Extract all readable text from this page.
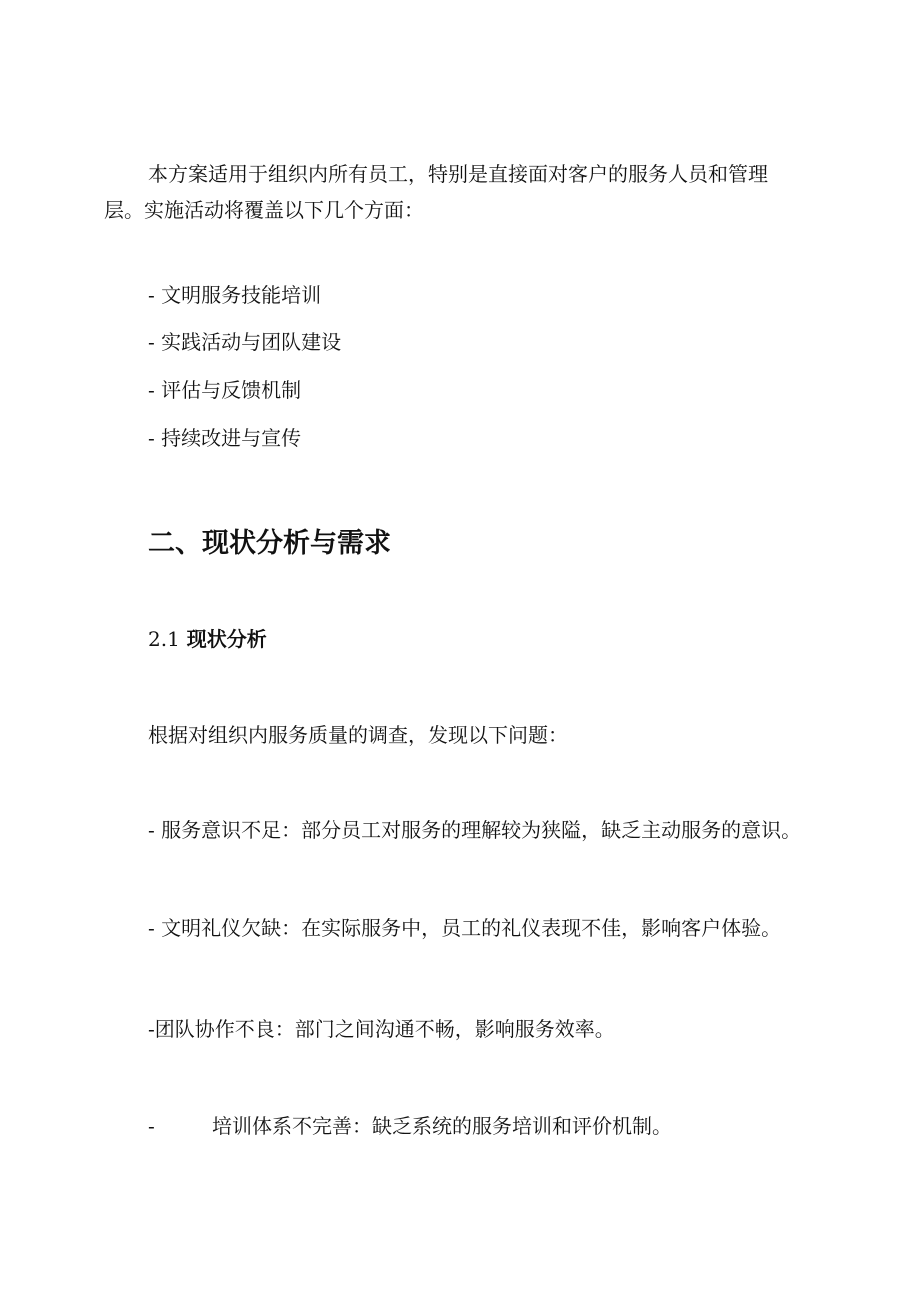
本方案适用于组织内所有员工，特别是直接面对客户的服务人员和管理层。实施活动将覆盖以下几个方面：

- 文明服务技能培训

- 实践活动与团队建设

- 评估与反馈机制

- 持续改进与宣传

二、现状分析与需求
2.1 现状分析

根据对组织内服务质量的调查，发现以下问题：

- 服务意识不足：部分员工对服务的理解较为狭隘，缺乏主动服务的意识。

- 文明礼仪欠缺：在实际服务中，员工的礼仪表现不佳，影响客户体验。

-团队协作不良：部门之间沟通不畅，影响服务效率。

-	培训体系不完善：缺乏系统的服务培训和评价机制。
